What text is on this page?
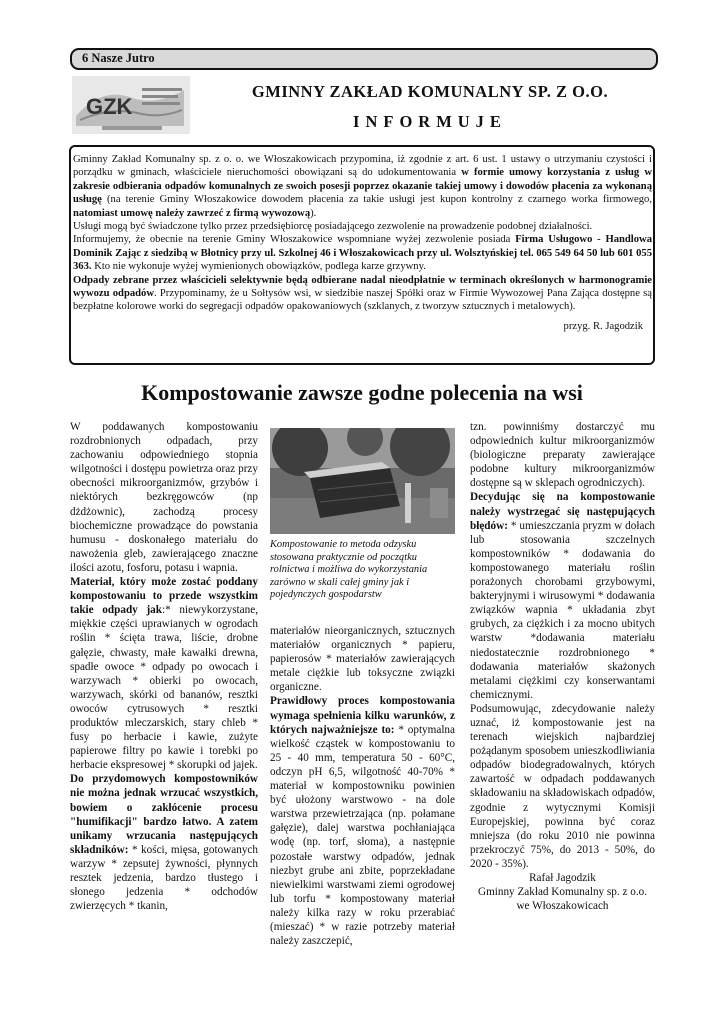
6 Nasze Jutro
GZK
GMINNY ZAKŁAD KOMUNALNY SP. Z O.O.
INFORMUJE

Gminny Zakład Komunalny sp. z o. o. we Włoszakowicach przypomina, iż zgodnie z art. 6 ust. 1 ustawy o utrzymaniu czystości i porządku w gminach, właściciele nieruchomości obowiązani są do udokumentowania w formie umowy korzystania z usług w zakresie odbierania odpadów komunalnych ze swoich posesji poprzez okazanie takiej umowy i dowodów płacenia za wykonaną usługę (na terenie Gminy Włoszakowice dowodem płacenia za takie usługi jest kupon kontrolny z czarnego worka firmowego, natomiast umowę należy zawrzeć z firmą wywozową).

Usługi mogą być świadczone tylko przez przedsiębiorcę posiadającego zezwolenie na prowadzenie podobnej działalności.

Informujemy, że obecnie na terenie Gminy Włoszakowice wspomniane wyżej zezwolenie posiada Firma Usługowo - Handlowa Dominik Zając z siedzibą w Błotnicy przy ul. Szkolnej 46 i Włoszakowicach przy ul. Wolsztyńskiej tel. 065 549 64 50 lub 601 055 363. Kto nie wykonuje wyżej wymienionych obowiązków, podlega karze grzywny.

Odpady zebrane przez właścicieli selektywnie będą odbierane nadal nieodpłatnie w terminach określonych w harmonogramie wywozu odpadów. Przypominamy, że u Sołtysów wsi, w siedzibie naszej Spółki oraz w Firmie Wywozowej Pana Zająca dostępne są bezpłatne kolorowe worki do segregacji odpadów opakowaniowych (szklanych, z tworzyw sztucznych i metalowych).

przyg. R. Jagodzik

Kompostowanie zawsze godne polecenia na wsi

W poddawanych kompostowaniu rozdrobnionych odpadach, przy zachowaniu odpowiedniego stopnia wilgotności i dostępu powietrza oraz przy obecności mikroorganizmów, grzybów i niektórych bezkręgowców (np dżdżownic), zachodzą procesy biochemiczne prowadzące do powstania humusu - doskonałego materiału do nawożenia gleb, zawierającego znaczne ilości azotu, fosforu, potasu i wapnia.

Materiał, który może zostać poddany kompostowaniu to przede wszystkim takie odpady jak:* niewykorzystane, miękkie części uprawianych w ogrodach roślin * ścięta trawa, liście, drobne gałęzie, chwasty, małe kawałki drewna, spadłe owoce * odpady po owocach i warzywach * obierki po owocach, warzywach, skórki od bananów, resztki owoców cytrusowych * resztki produktów mleczarskich, stary chleb * fusy po herbacie i kawie, zużyte papierowe filtry po kawie i torebki po herbacie ekspresowej * skorupki od jajek.

Do przydomowych kompostowników nie można jednak wrzucać wszystkich, bowiem o zakłócenie procesu "humifikacji" bardzo łatwo. A zatem unikamy wrzucania następujących składników: * kości, mięsa, gotowanych warzyw * zepsutej żywności, płynnych resztek jedzenia, bardzo tłustego i słonego jedzenia * odchodów zwierzęcych * tkanin,

Kompostowanie to metoda odzysku stosowana praktycznie od początku rolnictwa i możliwa do wykorzystania zarówno w skali całej gminy jak i pojedynczych gospodarstw

materiałów nieorganicznych, sztucznych materiałów organicznych * papieru, papierosów * materiałów zawierających metale ciężkie lub toksyczne związki organiczne.

Prawidłowy proces kompostowania wymaga spełnienia kilku warunków, z których najważniejsze to: * optymalna wielkość cząstek w kompostowaniu to 25 - 40 mm, temperatura 50 - 60°C, odczyn pH 6,5, wilgotność 40-70% * materiał w kompostowniku powinien być ułożony warstwowo - na dole warstwa przewietrzająca (np. połamane gałęzie), dalej warstwa pochłaniająca wodę (np. torf, słoma), a następnie pozostałe warstwy odpadów, jednak niezbyt grube ani zbite, poprzekładane niewielkimi warstwami ziemi ogrodowej lub torfu * kompostowany materiał należy kilka razy w roku przerabiać (mieszać) * w razie potrzeby materiał należy zaszczepić,

tzn. powinniśmy dostarczyć mu odpowiednich kultur mikroorganizmów (biologiczne preparaty zawierające podobne kultury mikroorganizmów dostępne są w sklepach ogrodniczych).

Decydując się na kompostowanie należy wystrzegać się następujących błędów: * umieszczania pryzm w dołach lub stosowania szczelnych kompostowników * dodawania do kompostowanego materiału roślin porażonych chorobami grzybowymi, bakteryjnymi i wirusowymi * dodawania związków wapnia * układania zbyt grubych, za ciężkich i za mocno ubitych warstw *dodawania materiału niedostatecznie rozdrobnionego * dodawania materiałów skażonych metalami ciężkimi czy konserwantami chemicznymi.

Podsumowując, zdecydowanie należy uznać, iż kompostowanie jest na terenach wiejskich najbardziej pożądanym sposobem unieszkodliwiania odpadów biodegradowalnych, których zawartość w odpadach poddawanych składowaniu na składowiskach odpadów, zgodnie z wytycznymi Komisji Europejskiej, powinna być coraz mniejsza (do roku 2010 nie powinna przekroczyć 75%, do 2013 - 50%, do 2020 - 35%).

Rafał Jagodzik

Gminny Zakład Komunalny sp. z o.o.

we Włoszakowicach
